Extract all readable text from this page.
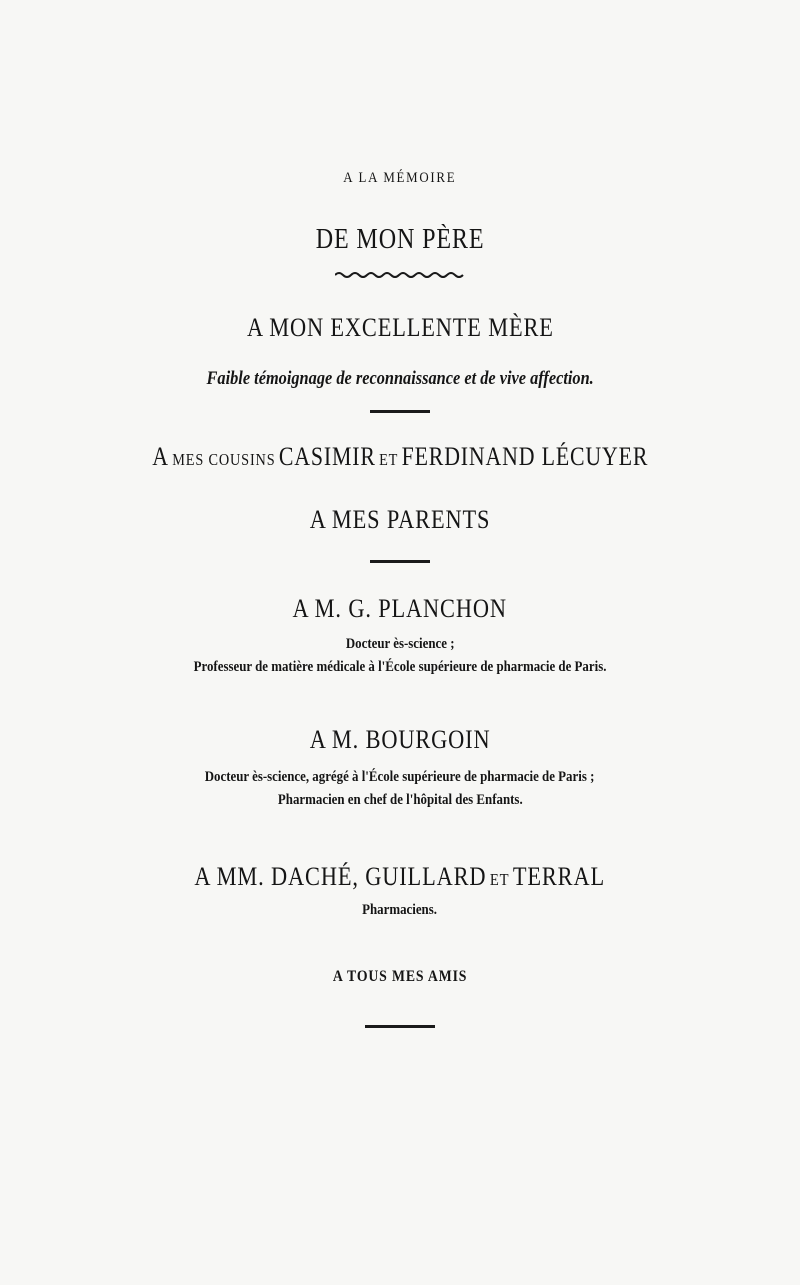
A LA MÉMOIRE
DE MON PÈRE
A MON EXCELLENTE MÈRE
Faible témoignage de reconnaissance et de vive affection.
A MES COUSINS CASIMIR ET FERDINAND LÉCUYER
A MES PARENTS
A M. G. PLANCHON
Docteur ès-science ;
Professeur de matière médicale à l'École supérieure de pharmacie de Paris.
A M. BOURGOIN
Docteur ès-science, agrégé à l'École supérieure de pharmacie de Paris ;
Pharmacien en chef de l'hôpital des Enfants.
A MM. DACHÉ, GUILLARD ET TERRAL
Pharmaciens.
A TOUS MES AMIS
